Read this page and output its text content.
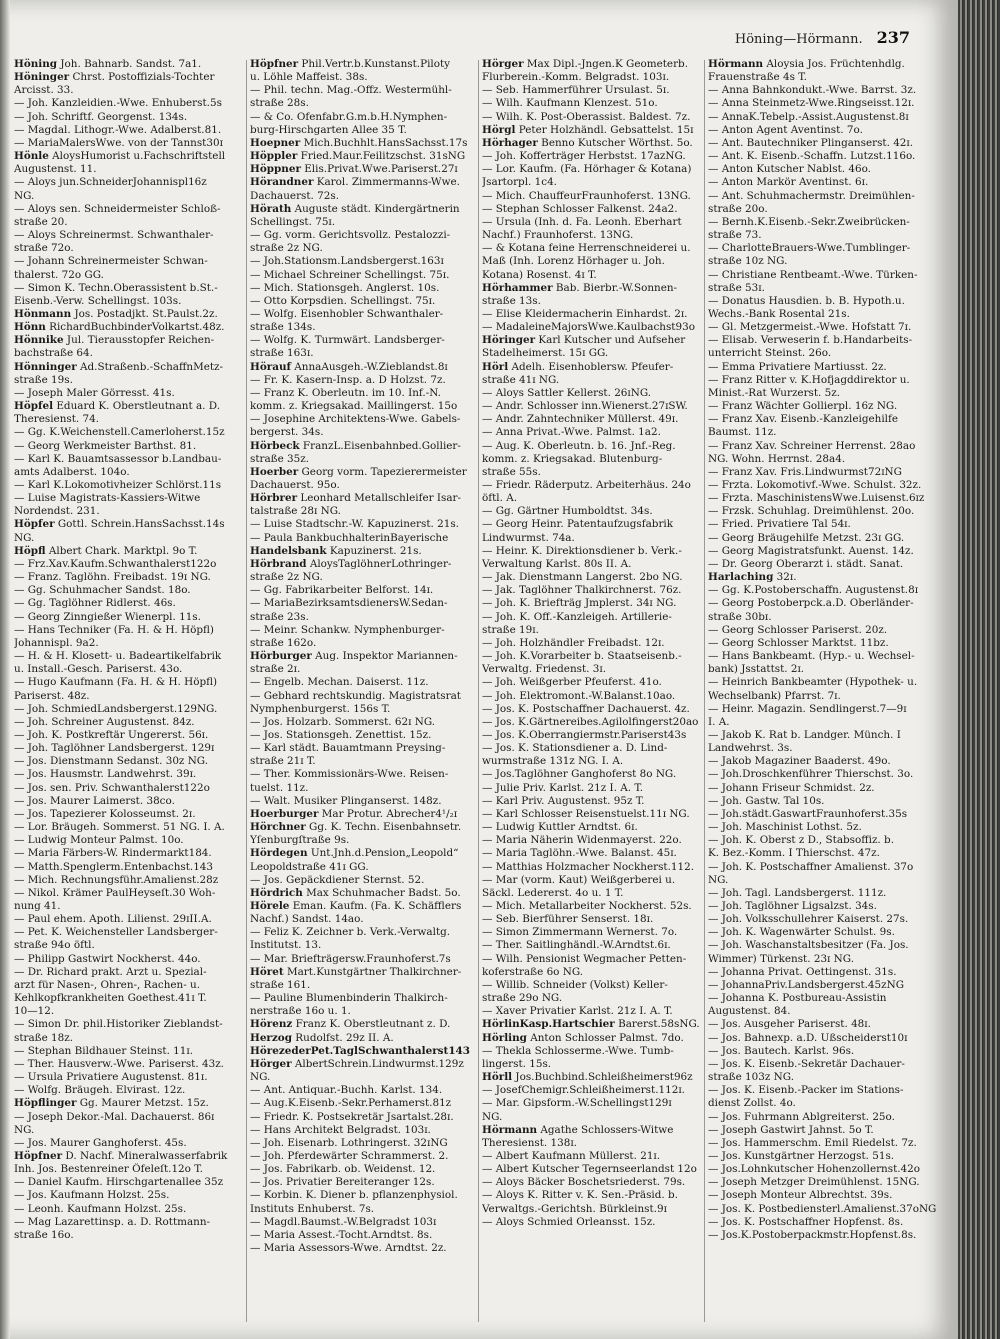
Höning—Hörmann. 237
Höning Joh. Bahnarb. Sandst. 7a1.
Höninger Chrst. Postoffizials-Tochter
Arcisst. 33.
— Joh. Kanzleidien.-Wwe. Enhuberst.5s
— Joh. Schriftf. Georgenst. 134s.
— Magdal. Lithogr.-Wwe. Adalberst.81.
— MariaMalersWwe. von der Tannst30ɪ
Hönle AloysHumorist u.Fachschriftstell
Augustenst. 11.
— Aloys jun.SchneiderJohannispl16z
NG.
— Aloys sen. Schneidermeister Schloß-
straße 20.
— Aloys Schreinermst. Schwanthaler-
straße 72o.
— Johann Schreinermeister Schwan-
thalerst. 72o GG.
— Simon K. Techn.Oberassistent b.St.-
Eisenb.-Verw. Schellingst. 103s.
Hönmann Jos. Postadjkt. St.Paulst.2z.
Hönn RichardBuchbinderVolkartst.48z.
Hönnike Jul. Tierausstopfer Reichen-
bachstraße 64.
Hönninger Ad.Straßenb.-SchaffnMetz-
straße 19s.
— Joseph Maler Görresst. 41s.
Höpfel Eduard K. Oberstleutnant a. D.
Theresienst. 74.
— Gg. K.Weichenstell.Camerloherst.15z
— Georg Werkmeister Barthst. 81.
— Karl K. Bauamtsassessor b.Landbau-
amts Adalberst. 104o.
— Karl K.Lokomotivheizer Schlörst.11s
— Luise Magistrats-Kassiers-Witwe
Nordendst. 231.
Höpfer Gottl. Schrein.HansSachsst.14s
NG.
Höpfl Albert Chark. Marktpl. 9o T.
— Frz.Xav.Kaufm.Schwanthalerst122o
— Franz. Taglöhn. Freibadst. 19ɪ NG.
— Gg. Schuhmacher Sandst. 18o.
— Gg. Taglöhner Ridlerst. 46s.
— Georg Zinngießer Wienerpl. 11s.
— Hans Techniker (Fa. H. & H. Höpfl)
Johannispl. 9a2.
— H. & H. Klosett- u. Badeartikelfabrik
u. Install.-Gesch. Pariserst. 43o.
— Hugo Kaufmann (Fa. H. & H. Höpfl)
Pariserst. 48z.
— Joh. SchmiedLandsbergerst.129NG.
— Joh. Schreiner Augustenst. 84z.
— Joh. K. Postkreftär Ungererst. 56ɪ.
— Joh. Taglöhner Landsbergerst. 129ɪ
— Jos. Dienstmann Sedanst. 30z NG.
— Jos. Hausmstr. Landwehrst. 39ɪ.
— Jos. sen. Priv. Schwanthalerst122o
— Jos. Maurer Laimerst. 38co.
— Jos. Tapezierer Kolosseumst. 2ɪ.
— Lor. Bräugeh. Sommerst. 51 NG. I. A.
— Ludwig Monteur Palmst. 10o.
— Maria Färbers-W. Rindermarkt184.
— Matth.Spenglerm.Entenbachst.143
— Mich. Rechnungsführ.Amalienst.28z
— Nikol. Krämer PaulHeyseſt.30 Woh-
nung 41.
— Paul ehem. Apoth. Lilienst. 29ɪII.A.
— Pet. K. Weichensteller Landsberger-
straße 94o öftl.
— Philipp Gastwirt Nockherst. 44o.
— Dr. Richard prakt. Arzt u. Spezial-
arzt für Nasen-, Ohren-, Rachen- u.
Kehlkopfkrankheiten Goethest.41ɪ T.
10—12.
— Simon Dr. phil.Historiker Zieblandst-
straße 18z.
— Stephan Bildhauer Steinst. 11ɪ.
— Ther. Hausverw.-Wwe. Pariserst. 43z.
— Ursula Privatiere Augustenst. 81ɪ.
— Wolfg. Bräugeh. Elvirast. 12z.
Höpflinger Gg. Maurer Metzst. 15z.
— Joseph Dekor.-Mal. Dachauerst. 86ɪ
NG.
— Jos. Maurer Ganghoferst. 45s.
Höpfner D. Nachf. Mineralwasserfabrik
Inh. Jos. Bestenreiner Öfeleſt.12o T.
— Daniel Kaufm. Hirschgartenallee 35z
— Jos. Kaufmann Holzst. 25s.
— Leonh. Kaufmann Holzst. 25s.
— Mag Lazarettinsp. a. D. Rottmann-
straße 16o.
Höpfner Phil.Vertr.b.Kunstanst.Piloty
u. Löhle Maffeist. 38s.
— Phil. techn. Mag.-Offz. Westermühl-
straße 28s.
— & Co. Ofenfabr.G.m.b.H.Nymphen-
burg-Hirschgarten Allee 35 T.
Hoepner Mich.Buchhlt.HansSachsst.17s
Höppler Fried.Maur.Feilitzschst. 31sNG
Höppner Elis.Privat.Wwe.Pariserst.27ɪ
Hörandner Karol. Zimmermanns-Wwe.
Dachauerst. 72s.
Hörath Auguste städt. Kindergärtnerin
Schellingst. 75ɪ.
— Gg. vorm. Gerichtsvollz. Pestalozzi-
straße 2z NG.
— Joh.Stationsm.Landsbergerst.163ɪ
— Michael Schreiner Schellingst. 75ɪ.
— Mich. Stationsgeh. Anglerst. 10s.
— Otto Korpsdien. Schellingst. 75ɪ.
— Wolfg. Eisenhobler Schwanthaler-
straße 134s.
— Wolfg. K. Turmwärt. Landsberger-
straße 163ɪ.
Hörauf AnnaAusgeh.-W.Zieblandst.8ɪ
— Fr. K. Kasern-Insp. a. D Holzst. 7z.
— Franz K. Oberleutn. im 10. Inf.-N.
komm. z. Kriegsakad. Maillingerst. 15o
— Josephine Architektens-Wwe. Gabels-
bergerst. 34s.
Hörbeck FranzL.Eisenbahnbed.Gollier-
straße 35z.
Hoerber Georg vorm. Tapezierermeister
Dachauerst. 95o.
Hörbrer Leonhard Metallschleifer Isar-
talstraße 28ɪ NG.
— Luise Stadtschr.-W. Kapuzinerst. 21s.
— Paula BankbuchhalterinBayerische
Handelsbank Kapuzinerst. 21s.
Hörbrand AloysTaglöhnerLothringer-
straße 2z NG.
— Gg. Fabrikarbeiter Belforst. 14ɪ.
— MariaBezirksamtsdienersW.Sedan-
straße 23s.
— Meinr. Schankw. Nymphenburger-
straße 162o.
Hörburger Aug. Inspektor Mariannen-
straße 2ɪ.
— Engelb. Mechan. Daiserst. 11z.
— Gebhard rechtskundig. Magistratsrat
Nymphenburgerst. 156s T.
— Jos. Holzarb. Sommerst. 62ɪ NG.
— Jos. Stationsgeh. Zenettist. 15z.
— Karl städt. Bauamtmann Preysing-
straße 21ɪ T.
— Ther. Kommissionärs-Wwe. Reisen-
tuelst. 11z.
— Walt. Musiker Plinganserst. 148z.
Hoerburger Mar Protur. Abrecher4¹/₂ɪ
Hörchner Gg. K. Techn. Eisenbahnsetr.
Yſenburgſtraße 9s.
Hördegen Unt.Jnh.d.Pension„Leopold“
Leopoldstraße 41ɪ GG.
— Jos. Gepäckdiener Sternst. 52.
Hördrich Max Schuhmacher Badst. 5o.
Hörele Eman. Kaufm. (Fa. K. Schäfflers
Nachf.) Sandst. 14ao.
— Feliz K. Zeichner b. Verk.-Verwaltg.
Institutst. 13.
— Mar. Briefträgersw.Fraunhoferst.7s
Höret Mart.Kunstgärtner Thalkirchner-
straße 161.
— Pauline Blumenbinderin Thalkirch-
nerstraße 16o u. 1.
Hörenz Franz K. Oberstleutnant z. D.
Herzog Rudolfst. 29z II. A.
HörezederPet.TaglSchwanthalerst143
Hörger AlbertSchrein.Lindwurmst.129z
NG.
— Ant. Antiquar.-Buchh. Karlst. 134.
— Aug.K.Eisenb.-Sekr.Perhamerst.81z
— Friedr. K. Postsekretär Jsartalst.28ɪ.
— Hans Architekt Belgradst. 103ɪ.
— Joh. Eisenarb. Lothringerst. 32ɪNG
— Joh. Pferdewärter Schrammerst. 2.
— Jos. Fabrikarb. ob. Weidenst. 12.
— Jos. Privatier Bereiteranger 12s.
— Korbin. K. Diener b. pflanzenphysiol.
Instituts Enhuberst. 7s.
— Magdl.Baumst.-W.Belgradst 103ɪ
— Maria Assest.-Tocht.Arndtst. 8s.
— Maria Assessors-Wwe. Arndtst. 2z.
Hörger Max Dipl.-Jngen.K Geometerb.
Flurberein.-Komm. Belgradst. 103ɪ.
— Seb. Hammerführer Ursulast. 5ɪ.
— Wilh. Kaufmann Klenzest. 51o.
— Wilh. K. Post-Oberassist. Baldest. 7z.
Hörgl Peter Holzhändl. Gebsattelst. 15ɪ
Hörhager Benno Kutscher Wörthst. 5o.
— Joh. Kofferträger Herbstst. 17azNG.
— Lor. Kaufm. (Fa. Hörhager & Kotana)
Jsartorpl. 1c4.
— Mich. ChauffeurFraunhoferst. 13NG.
— Stephan Schlosser Falkenst. 24a2.
— Ursula (Inh. d. Fa. Leonh. Eberhart
Nachf.) Fraunhoferst. 13NG.
— & Kotana feine Herrenschneiderei u.
Maß (Inh. Lorenz Hörhager u. Joh.
Kotana) Rosenst. 4ɪ T.
Hörhammer Bab. Bierbr.-W.Sonnen-
straße 13s.
— Elise Kleidermacherin Einhardst. 2ɪ.
— MadaleineMajorsWwe.Kaulbachst93o
Höringer Karl Kutscher und Aufseher
Stadelheimerst. 15ɪ GG.
Hörl Adelh. Eisenhoblersw. Pfeufer-
straße 41ɪ NG.
— Aloys Sattler Kellerst. 26ɪNG.
— Andr. Schlosser inn.Wienerst.27ɪSW.
— Andr. Zahntechniker Müllerst. 49ɪ.
— Anna Privat.-Wwe. Palmst. 1a2.
— Aug. K. Oberleutn. b. 16. Jnf.-Reg.
komm. z. Kriegsakad. Blutenburg-
straße 55s.
— Friedr. Räderputz. Arbeiterhäus. 24o
öftl. A.
— Gg. Gärtner Humboldtst. 34s.
— Georg Heinr. Patentaufzugsfabrik
Lindwurmst. 74a.
— Heinr. K. Direktionsdiener b. Verk.-
Verwaltung Karlst. 80s II. A.
— Jak. Dienstmann Langerst. 2bo NG.
— Jak. Taglöhner Thalkirchnerst. 76z.
— Joh. K. Briefträg Jmplerst. 34ɪ NG.
— Joh. K. Off.-Kanzleigeh. Artillerie-
straße 19ɪ.
— Joh. Holzhändler Freibadst. 12ɪ.
— Joh. K.Vorarbeiter b. Staatseisenb.-
Verwaltg. Friedenst. 3ɪ.
— Joh. Weißgerber Pfeuferst. 41o.
— Joh. Elektromont.-W.Balanst.10ao.
— Jos. K. Postschaffner Dachauerst. 4z.
— Jos. K.Gärtnereibes.Agilolfingerst20ao
— Jos. K.Oberrangiermstr.Pariserst43s
— Jos. K. Stationsdiener a. D. Lind-
wurmstraße 131z NG. I. A.
— Jos.Taglöhner Ganghoferst 8o NG.
— Julie Priv. Karlst. 21z I. A. T.
— Karl Priv. Augustenst. 95z T.
— Karl Schlosser Reisenstuelst.11ɪ NG.
— Ludwig Kuttler Arndtst. 6ɪ.
— Maria Näherin Widenmayerst. 22o.
— Maria Taglöhn.-Wwe. Balanst. 45ɪ.
— Matthias Holzmacher Nockherst.112.
— Mar (vorm. Kaut) Weißgerberei u.
Säckl. Ledererst. 4o u. 1 T.
— Mich. Metallarbeiter Nockherst. 52s.
— Seb. Bierführer Senserst. 18ɪ.
— Simon Zimmermann Wernerst. 7o.
— Ther. Saitlinghändl.-W.Arndtst.6ɪ.
— Wilh. Pensionist Wegmacher Petten-
koferstraße 6o NG.
— Willib. Schneider (Volkst) Keller-
straße 29o NG.
— Xaver Privatier Karlst. 21z I. A. T.
HörlinKasp.Hartschier Barerst.58sNG.
Hörling Anton Schlosser Palmst. 7do.
— Thekla Schlosserme.-Wwe. Tumb-
lingerst. 15s.
Hörll Jos.Buchbind.Schleißheimerst96z
— JosefChemigr.Schleißheimerst.112ɪ.
— Mar. Gipsform.-W.Schellingst129ɪ
NG.
Hörmann Agathe Schlossers-Witwe
Theresienst. 138ɪ.
— Albert Kaufmann Müllerst. 21ɪ.
— Albert Kutscher Tegernseerlandst 12o
— Aloys Bäcker Boschetsriederst. 79s.
— Aloys K. Ritter v. K. Sen.-Präsid. b.
Verwaltgs.-Gerichtsh. Bürkleinst.9ɪ
— Aloys Schmied Orleansst. 15z.
Hörmann Aloysia Jos. Früchtenhdlg.
Frauenstraße 4s T.
— Anna Bahnkondukt.-Wwe. Barrst. 3z.
— Anna Steinmetz-Wwe.Ringseisst.12ɪ.
— AnnaK.Tebelp.-Assist.Augustenst.8ɪ
— Anton Agent Aventinst. 7o.
— Ant. Bautechniker Plinganserst. 42ɪ.
— Ant. K. Eisenb.-Schaffn. Lutzst.116o.
— Anton Kutscher Nablst. 46o.
— Anton Markör Aventinst. 6ɪ.
— Ant. Schuhmachermstr. Dreimühlen-
straße 20o.
— Bernh.K.Eisenb.-Sekr.Zweibrücken-
straße 73.
— CharlotteBrauers-Wwe.Tumblinger-
straße 10z NG.
— Christiane Rentbeamt.-Wwe. Türken-
straße 53ɪ.
— Donatus Hausdien. b. B. Hypoth.u.
Wechs.-Bank Rosental 21s.
— Gl. Metzgermeist.-Wwe. Hofstatt 7ɪ.
— Elisab. Verweserin f. b.Handarbeits-
unterricht Steinst. 26o.
— Emma Privatiere Martiusst. 2z.
— Franz Ritter v. K.Hofjagddirektor u.
Minist.-Rat Wurzerst. 5z.
— Franz Wächter Gollierpl. 16z NG.
— Franz Xav. Eisenb.-Kanzleigehilfe
Baumst. 11z.
— Franz Xav. Schreiner Herrenst. 28ao
NG. Wohn. Herrnst. 28a4.
— Franz Xav. Fris.Lindwurmst72ɪNG
— Frzta. Lokomotivf.-Wwe. Schulst. 32z.
— Frzta. MaschinistensWwe.Luisenst.6ɪz
— Frzsk. Schuhlag. Dreimühlenst. 20o.
— Fried. Privatiere Tal 54ɪ.
— Georg Bräugehilfe Metzst. 23ɪ GG.
— Georg Magistratsfunkt. Auenst. 14z.
— Dr. Georg Oberarzt i. städt. Sanat.
Harlaching 32ɪ.
— Gg. K.Postoberschaffn. Augustenst.8ɪ
— Georg Postoberpck.a.D. Oberländer-
straße 30bɪ.
— Georg Schlosser Pariserst. 20z.
— Georg Schlosser Marktst. 11bz.
— Hans Bankbeamt. (Hyp.- u. Wechsel-
bank) Jsstattst. 2ɪ.
— Heinrich Bankbeamter (Hypothek- u.
Wechselbank) Pfarrst. 7ɪ.
— Heinr. Magazin. Sendlingerst.7—9ɪ
I. A.
— Jakob K. Rat b. Landger. Münch. I
Landwehrst. 3s.
— Jakob Magaziner Baaderst. 49o.
— Joh.Droschkenführer Thierschst. 3o.
— Johann Friseur Schmidst. 2z.
— Joh. Gastw. Tal 10s.
— Joh.städt.GaswartFraunhoferst.35s
— Joh. Maschinist Lothst. 5z.
— Joh. K. Oberst z D., Stabsoffiz. b.
K. Bez.-Komm. I Thierschst. 47z.
— Joh. K. Postschaffner Amalienst. 37o
NG.
— Joh. Tagl. Landsbergerst. 111z.
— Joh. Taglöhner Ligsalzst. 34s.
— Joh. Volksschullehrer Kaiserst. 27s.
— Joh. K. Wagenwärter Schulst. 9s.
— Joh. Waschanstaltsbesitzer (Fa. Jos.
Wimmer) Türkenst. 23ɪ NG.
— Johanna Privat. Oettingenst. 31s.
— JohannaPriv.Landsbergerst.45zNG
— Johanna K. Postbureau-Assistin
Augustenst. 84.
— Jos. Ausgeher Pariserst. 48ɪ.
— Jos. Bahnexp. a.D. Ußscheiderst10ɪ
— Jos. Bautech. Karlst. 96s.
— Jos. K. Eisenb.-Sekretär Dachauer-
straße 103z NG.
— Jos. K. Eisenb.-Packer im Stations-
dienst Zollst. 4o.
— Jos. Fuhrmann Ablgreiterst. 25o.
— Joseph Gastwirt Jahnst. 5o T.
— Jos. Hammerschm. Emil Riedelst. 7z.
— Jos. Kunstgärtner Herzogst. 51s.
— Jos.Lohnkutscher Hohenzollernst.42o
— Joseph Metzger Dreimühlenst. 15NG.
— Joseph Monteur Albrechtst. 39s.
— Jos. K. Postbediensterl.Amalienst.37oNG
— Jos. K. Postschaffner Hopfenst. 8s.
— Jos.K.Postoberpackmstr.Hopfenst.8s.
